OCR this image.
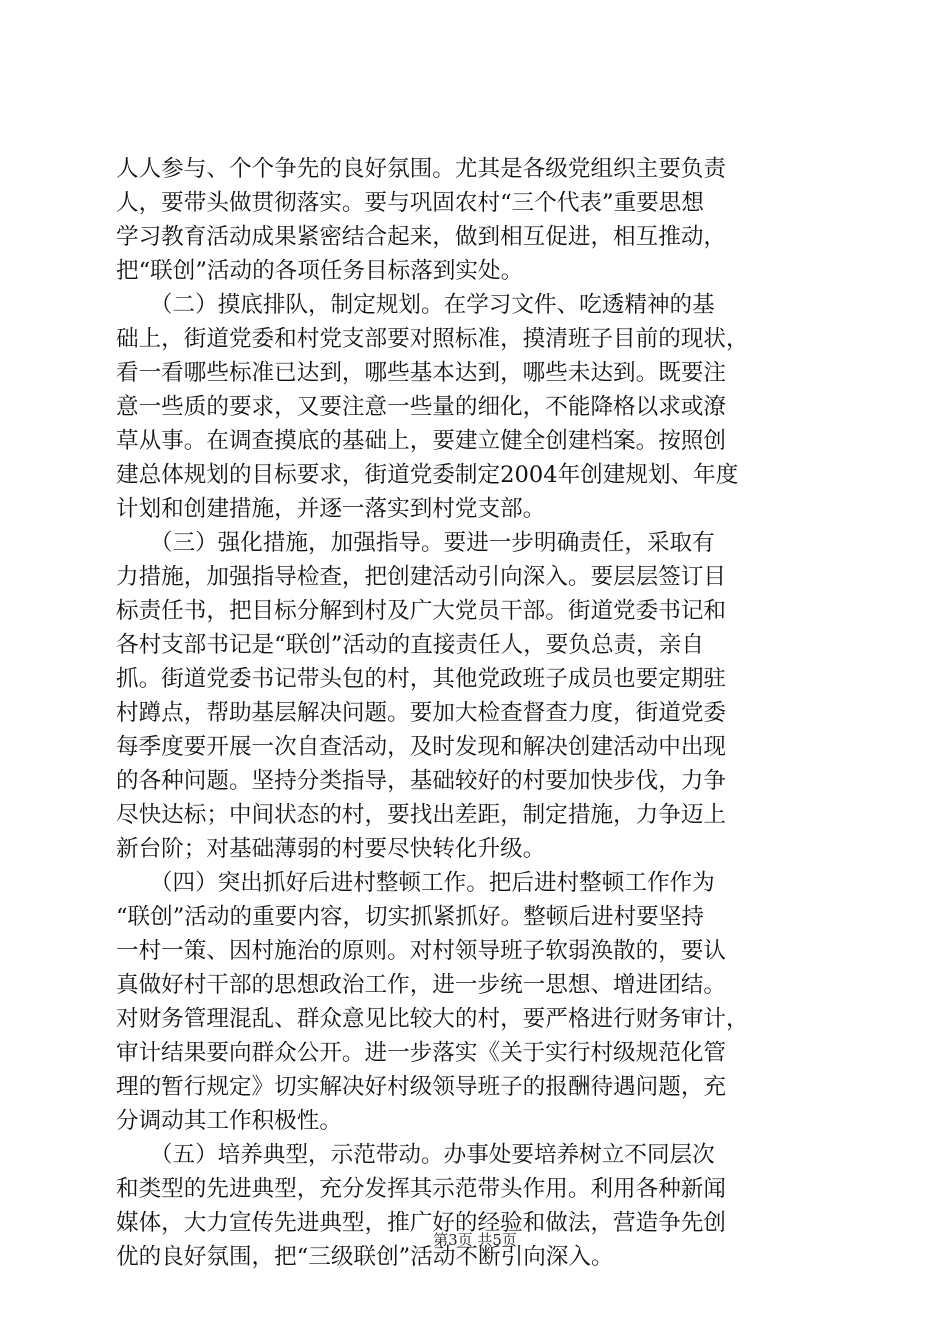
人人参与、个个争先的良好氛围。尤其是各级党组织主要负责
人，要带头做贯彻落实。要与巩固农村“三个代表”重要思想
学习教育活动成果紧密结合起来，做到相互促进，相互推动，
把“联创”活动的各项任务目标落到实处。
　　（二）摸底排队，制定规划。在学习文件、吃透精神的基
础上，街道党委和村党支部要对照标准，摸清班子目前的现状，
看一看哪些标准已达到，哪些基本达到，哪些未达到。既要注
意一些质的要求，又要注意一些量的细化，不能降格以求或潦
草从事。在调查摸底的基础上，要建立健全创建档案。按照创
建总体规划的目标要求，街道党委制定2004年创建规划、年度
计划和创建措施，并逐一落实到村党支部。
　　（三）强化措施，加强指导。要进一步明确责任，采取有
力措施，加强指导检查，把创建活动引向深入。要层层签订目
标责任书，把目标分解到村及广大党员干部。街道党委书记和
各村支部书记是“联创”活动的直接责任人，要负总责，亲自
抓。街道党委书记带头包的村，其他党政班子成员也要定期驻
村蹲点，帮助基层解决问题。要加大检查督查力度，街道党委
每季度要开展一次自查活动，及时发现和解决创建活动中出现
的各种问题。坚持分类指导，基础较好的村要加快步伐，力争
尽快达标；中间状态的村，要找出差距，制定措施，力争迈上
新台阶；对基础薄弱的村要尽快转化升级。
　　（四）突出抓好后进村整顿工作。把后进村整顿工作作为
“联创”活动的重要内容，切实抓紧抓好。整顿后进村要坚持
一村一策、因村施治的原则。对村领导班子软弱涣散的，要认
真做好村干部的思想政治工作，进一步统一思想、增进团结。
对财务管理混乱、群众意见比较大的村，要严格进行财务审计，
审计结果要向群众公开。进一步落实《关于实行村级规范化管
理的暂行规定》切实解决好村级领导班子的报酬待遇问题，充
分调动其工作积极性。
　　（五）培养典型，示范带动。办事处要培养树立不同层次
和类型的先进典型，充分发挥其示范带头作用。利用各种新闻
媒体，大力宣传先进典型，推广好的经验和做法，营造争先创
优的良好氛围，把“三级联创”活动不断引向深入。
第3页 共5页
